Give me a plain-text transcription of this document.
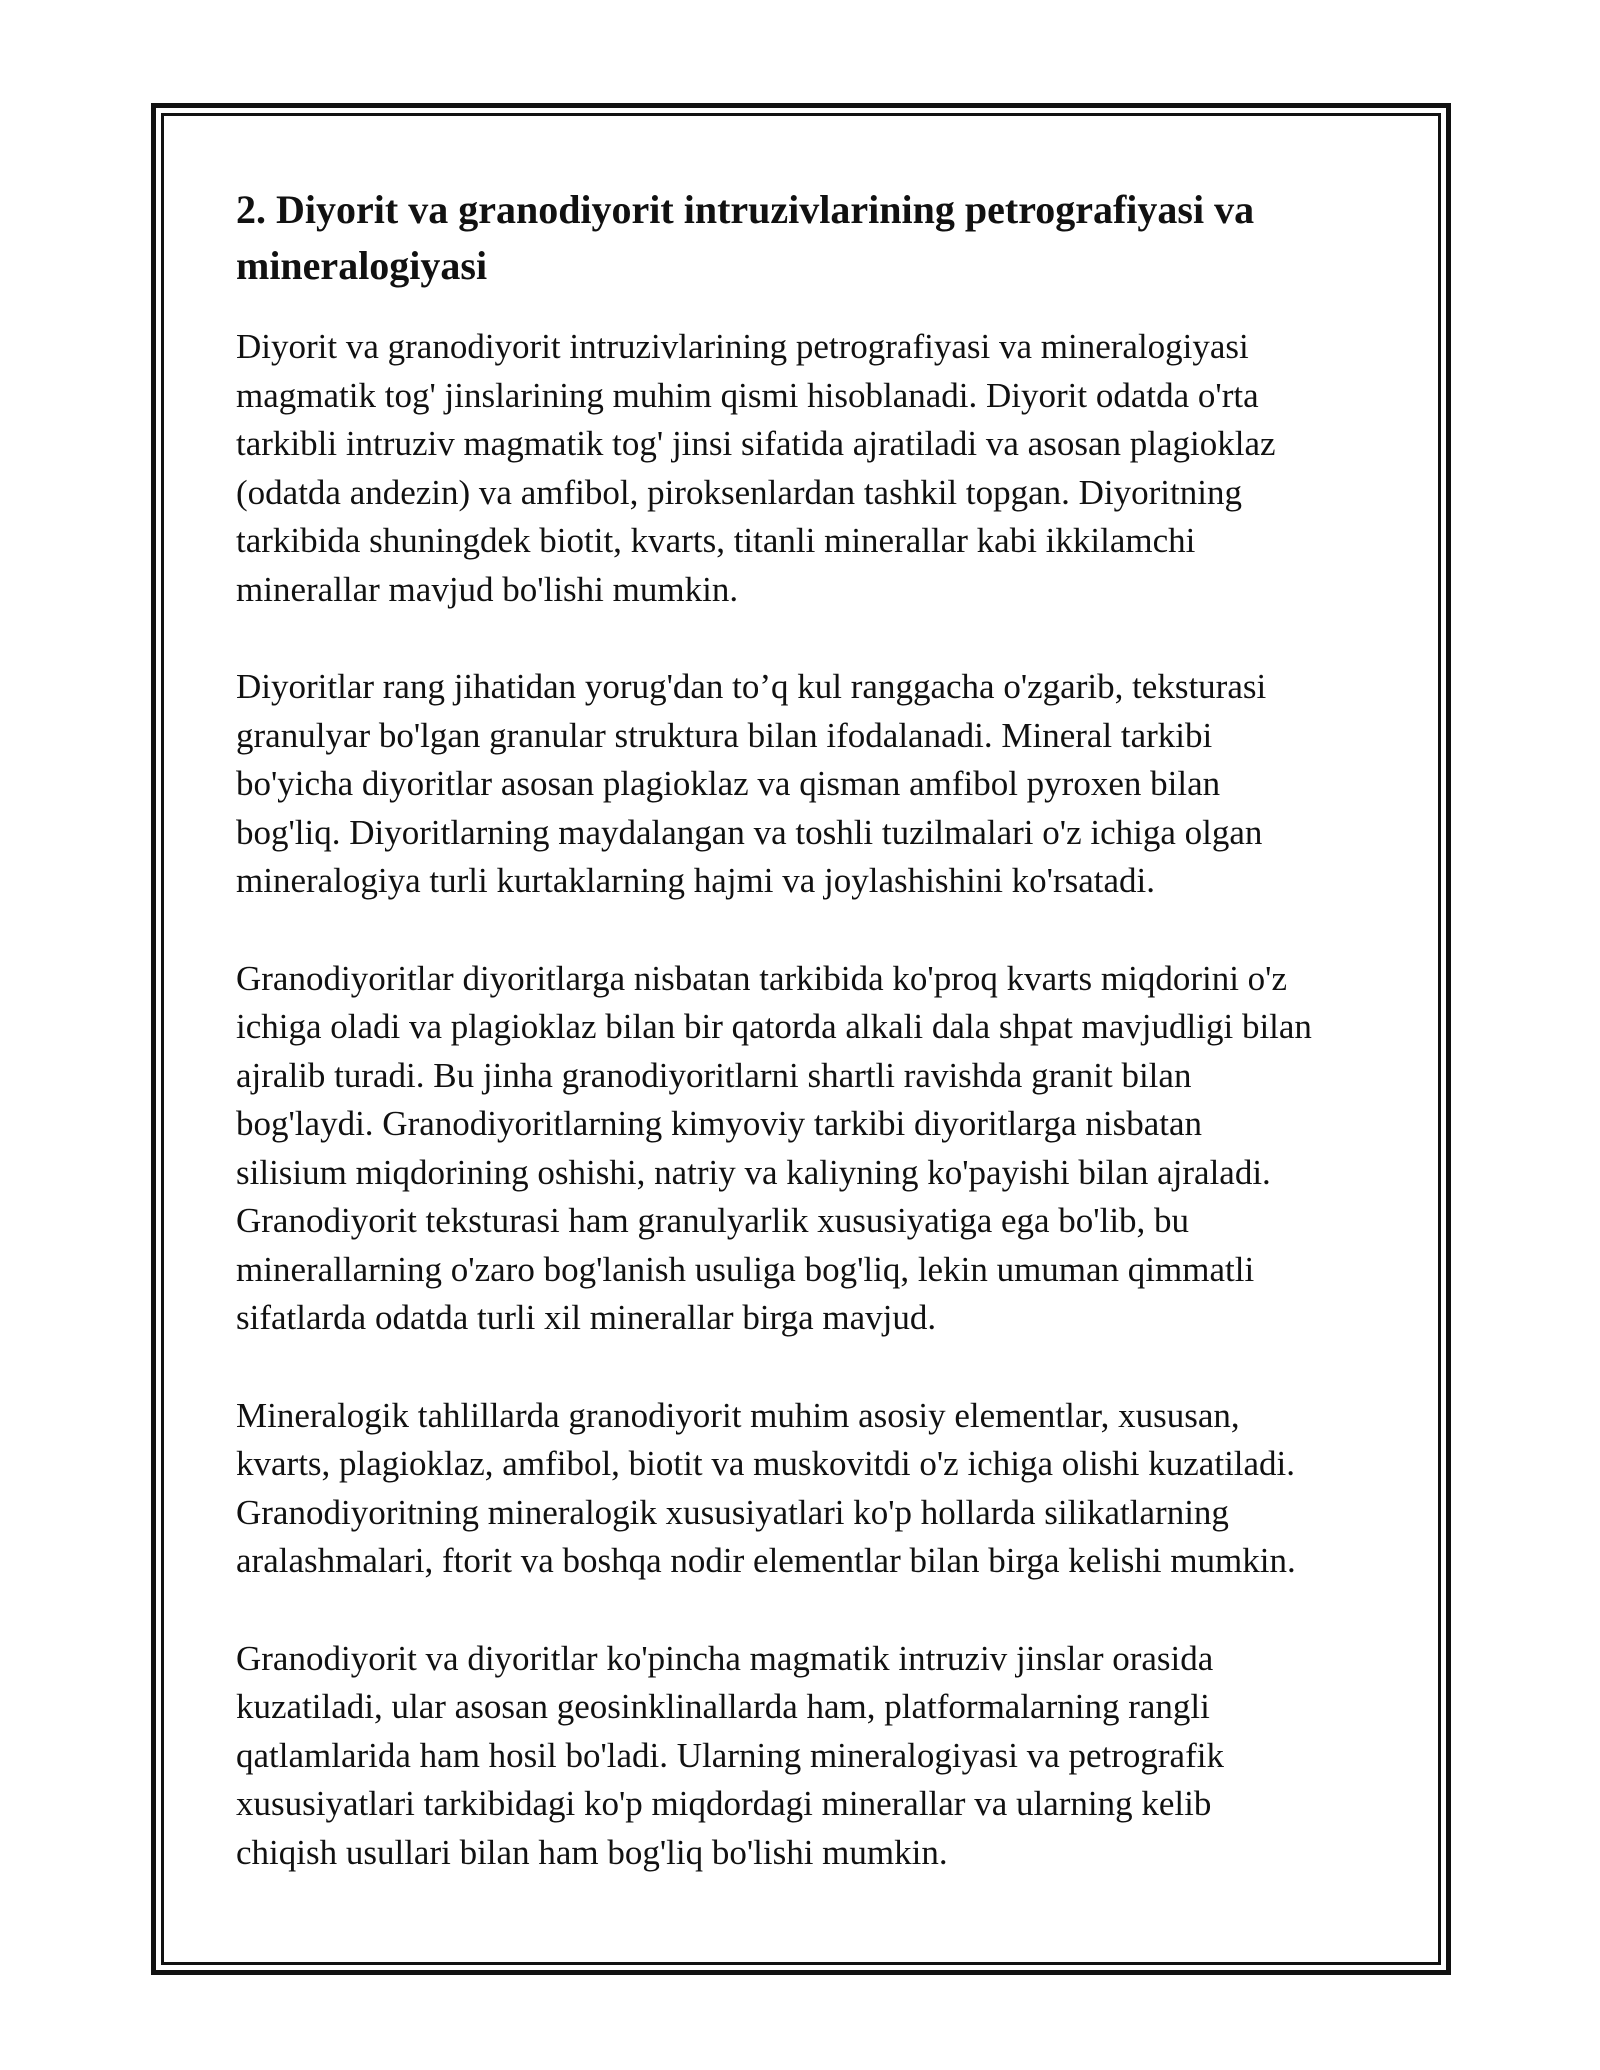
2. Diyorit va granodiyorit intruzivlarining petrografiyasi va
mineralogiyasi

Diyorit va granodiyorit intruzivlarining petrografiyasi va mineralogiyasi
magmatik tog' jinslarining muhim qismi hisoblanadi. Diyorit odatda o'rta
tarkibli intruziv magmatik tog' jinsi sifatida ajratiladi va asosan plagioklaz
(odatda andezin) va amfibol, piroksenlardan tashkil topgan. Diyoritning
tarkibida shuningdek biotit, kvarts, titanli minerallar kabi ikkilamchi
minerallar mavjud bo'lishi mumkin.

Diyoritlar rang jihatidan yorug'dan to’q kul ranggacha o'zgarib, teksturasi
granulyar bo'lgan granular struktura bilan ifodalanadi. Mineral tarkibi
bo'yicha diyoritlar asosan plagioklaz va qisman amfibol pyroxen bilan
bog'liq. Diyoritlarning maydalangan va toshli tuzilmalari o'z ichiga olgan
mineralogiya turli kurtaklarning hajmi va joylashishini ko'rsatadi.

Granodiyoritlar diyoritlarga nisbatan tarkibida ko'proq kvarts miqdorini o'z
ichiga oladi va plagioklaz bilan bir qatorda alkali dala shpat mavjudligi bilan
ajralib turadi. Bu jinha granodiyoritlarni shartli ravishda granit bilan
bog'laydi. Granodiyoritlarning kimyoviy tarkibi diyoritlarga nisbatan
silisium miqdorining oshishi, natriy va kaliyning ko'payishi bilan ajraladi.
Granodiyorit teksturasi ham granulyarlik xususiyatiga ega bo'lib, bu
minerallarning o'zaro bog'lanish usuliga bog'liq, lekin umuman qimmatli
sifatlarda odatda turli xil minerallar birga mavjud.

Mineralogik tahlillarda granodiyorit muhim asosiy elementlar, xususan,
kvarts, plagioklaz, amfibol, biotit va muskovitdi o'z ichiga olishi kuzatiladi.
Granodiyoritning mineralogik xususiyatlari ko'p hollarda silikatlarning
aralashmalari, ftorit va boshqa nodir elementlar bilan birga kelishi mumkin.

Granodiyorit va diyoritlar ko'pincha magmatik intruziv jinslar orasida
kuzatiladi, ular asosan geosinklinallarda ham, platformalarning rangli
qatlamlarida ham hosil bo'ladi. Ularning mineralogiyasi va petrografik
xususiyatlari tarkibidagi ko'p miqdordagi minerallar va ularning kelib
chiqish usullari bilan ham bog'liq bo'lishi mumkin.
